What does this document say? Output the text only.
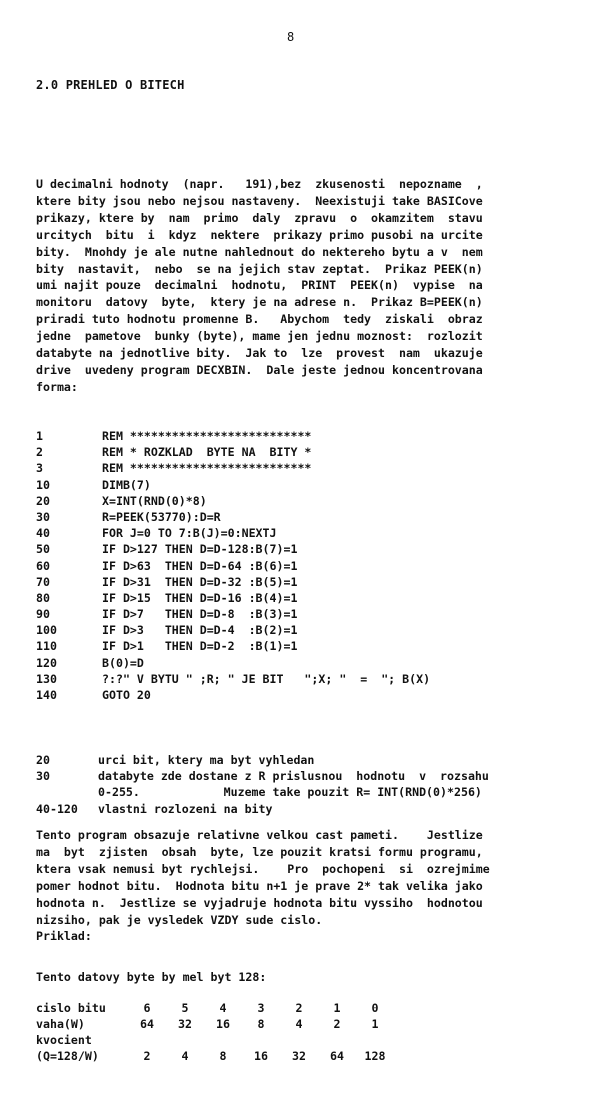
8
2.0 PREHLED O BITECH
U decimalni hodnoty  (napr.   191),bez  zkusenosti  nepozname  ,
ktere bity jsou nebo nejsou nastaveny.  Neexistuji take BASICove
prikazy, ktere by  nam  primo  daly  zpravu  o  okamzitem  stavu
urcitych  bitu  i  kdyz  nektere  prikazy primo pusobi na urcite
bity.  Mnohdy je ale nutne nahlednout do nektereho bytu a v  nem
bity  nastavit,  nebo  se na jejich stav zeptat.  Prikaz PEEK(n)
umi najit pouze  decimalni  hodnotu,  PRINT  PEEK(n)  vypise  na
monitoru  datovy  byte,  ktery je na adrese n.  Prikaz B=PEEK(n)
priradi tuto hodnotu promenne B.   Abychom  tedy  ziskali  obraz
jedne  pametove  bunky (byte), mame jen jednu moznost:  rozlozit
databyte na jednotlive bity.  Jak to  lze  provest  nam  ukazuje
drive  uvedeny program DECXBIN.  Dale jeste jednou koncentrovana
forma:
1	REM **************************
2	REM * ROZKLAD  BYTE NA  BITY *
3	REM **************************
10	DIMB(7)
20	X=INT(RND(0)*8)
30	R=PEEK(53770):D=R
40	FOR J=0 TO 7:B(J)=0:NEXTJ
50	IF D>127 THEN D=D-128:B(7)=1
60	IF D>63  THEN D=D-64 :B(6)=1
70	IF D>31  THEN D=D-32 :B(5)=1
80	IF D>15  THEN D=D-16 :B(4)=1
90	IF D>7   THEN D=D-8  :B(3)=1
100	IF D>3   THEN D=D-4  :B(2)=1
110	IF D>1   THEN D=D-2  :B(1)=1
120	B(0)=D
130	?:?" V BYTU " ;R; " JE BIT   ";X; "  =  "; B(X)
140	GOTO 20
20	urci bit, ktery ma byt vyhledan
30	databyte zde dostane z R prislusnou  hodnotu  v  rozsahu
0-255.            Muzeme take pouzit R= INT(RND(0)*256)
40-120 vlastni rozlozeni na bity
Tento program obsazuje relativne velkou cast pameti.    Jestlize
ma  byt  zjisten  obsah  byte, lze pouzit kratsi formu programu,
ktera vsak nemusi byt rychlejsi.    Pro  pochopeni  si  ozrejmime
pomer hodnot bitu.  Hodnota bitu n+1 je prave 2* tak velika jako
hodnota n.  Jestlize se vyjadruje hodnota bitu vyssiho  hodnotou
nizsiho, pak je vysledek VZDY sude cislo.
Priklad:
Tento datovy byte by mel byt 128:
cislo bitu	6	5	4	3	2	1	0
vaha(W)	64	32	16	8	4	2	1
kvocient							
(Q=128/W)	2	4	8	16	32	64	128
